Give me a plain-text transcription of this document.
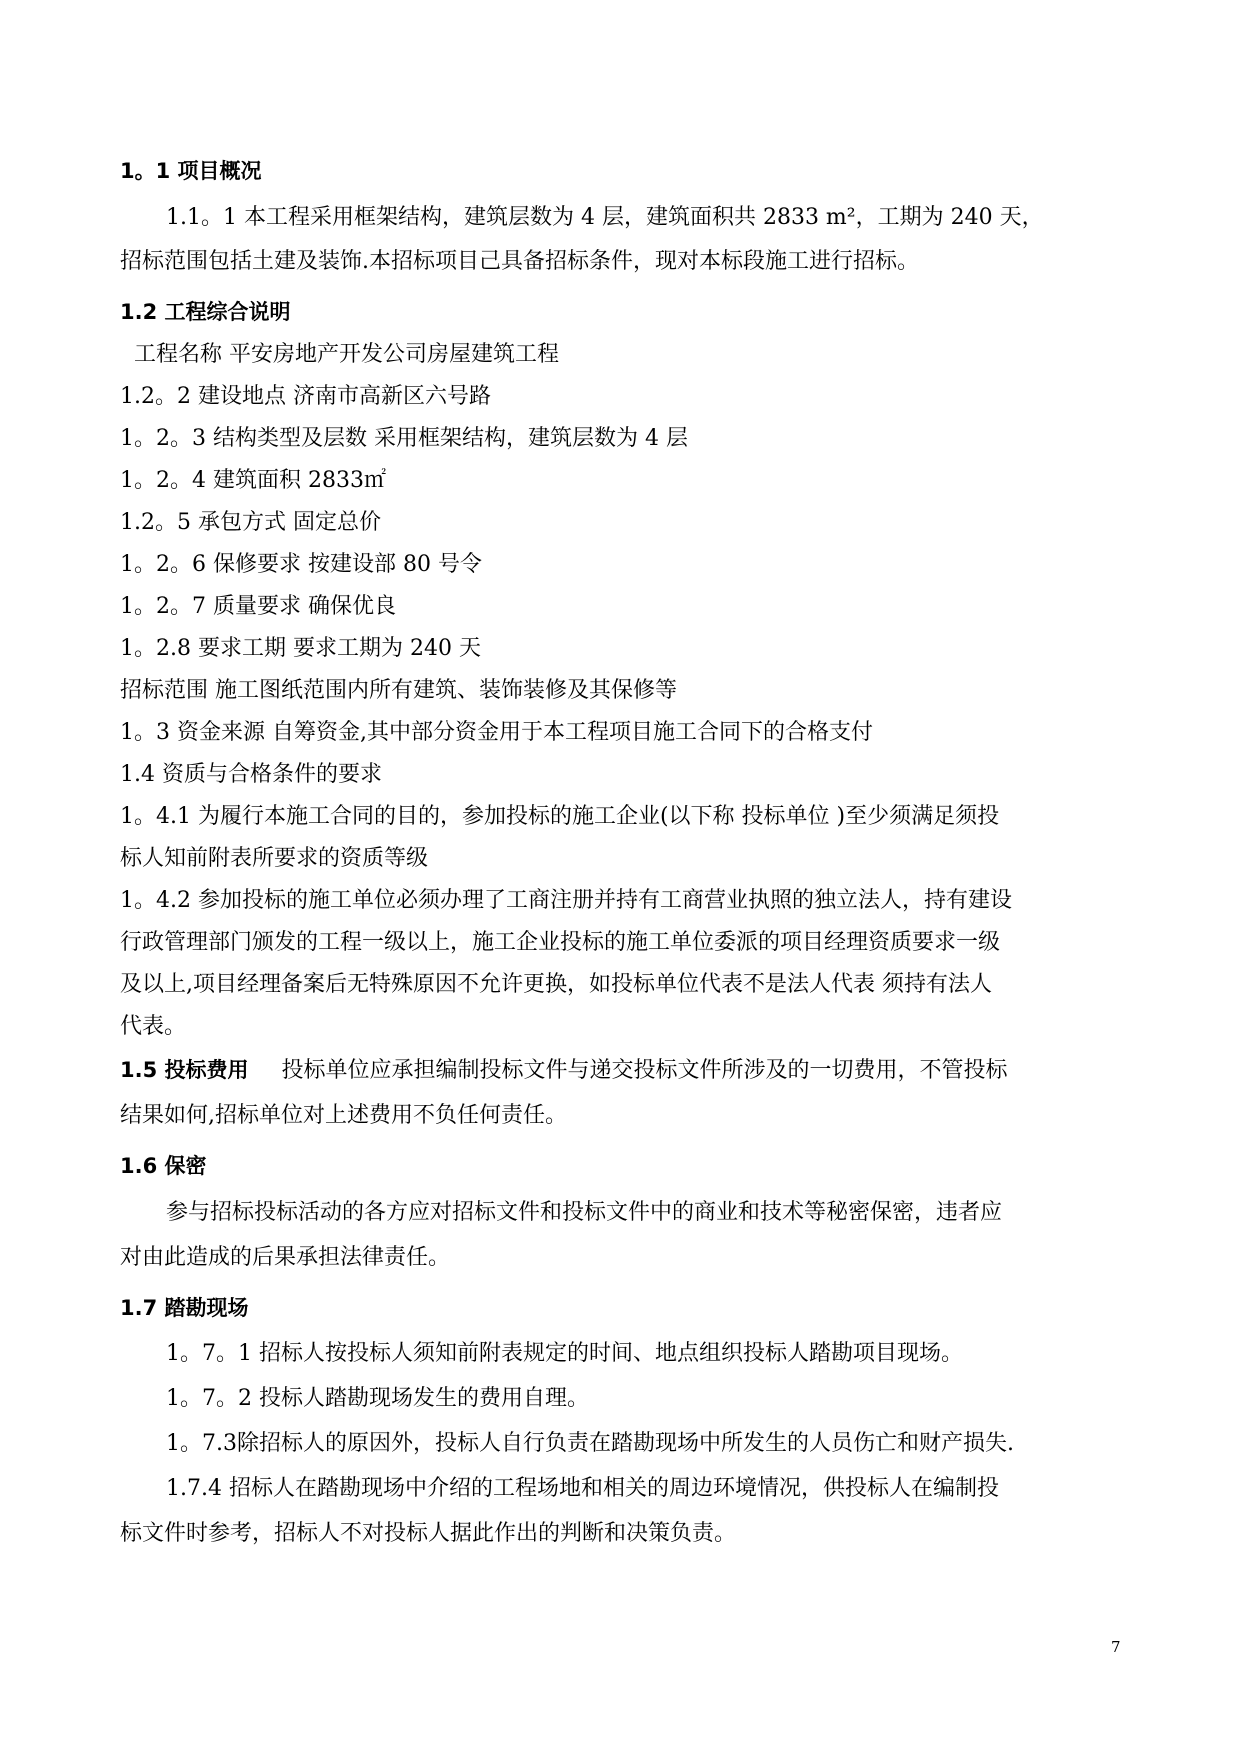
1。1 项目概况
1.1。1 本工程采用框架结构，建筑层数为 4 层，建筑面积共 2833 m²，工期为 240 天，
招标范围包括土建及装饰.本招标项目己具备招标条件，现对本标段施工进行招标。
1.2 工程综合说明
工程名称 平安房地产开发公司房屋建筑工程
1.2。2 建设地点 济南市高新区六号路
1。2。3 结构类型及层数 采用框架结构，建筑层数为 4 层
1。2。4 建筑面积 2833㎡
1.2。5 承包方式 固定总价
1。2。6 保修要求 按建设部 80 号令
1。2。7 质量要求 确保优良
1。2.8 要求工期 要求工期为 240 天
招标范围 施工图纸范围内所有建筑、装饰装修及其保修等
1。3 资金来源 自筹资金,其中部分资金用于本工程项目施工合同下的合格支付
1.4 资质与合格条件的要求
1。4.1 为履行本施工合同的目的，参加投标的施工企业(以下称 投标单位 )至少须满足须投
标人知前附表所要求的资质等级
1。4.2 参加投标的施工单位必须办理了工商注册并持有工商营业执照的独立法人，持有建设
行政管理部门颁发的工程一级以上，施工企业投标的施工单位委派的项目经理资质要求一级
及以上,项目经理备案后无特殊原因不允许更换，如投标单位代表不是法人代表 须持有法人
代表。
1.5 投标费用 投标单位应承担编制投标文件与递交投标文件所涉及的一切费用，不管投标
结果如何,招标单位对上述费用不负任何责任。
1.6 保密
参与招标投标活动的各方应对招标文件和投标文件中的商业和技术等秘密保密，违者应
对由此造成的后果承担法律责任。
1.7 踏勘现场
1。7。1 招标人按投标人须知前附表规定的时间、地点组织投标人踏勘项目现场。
1。7。2 投标人踏勘现场发生的费用自理。
1。7.3除招标人的原因外，投标人自行负责在踏勘现场中所发生的人员伤亡和财产损失.
1.7.4 招标人在踏勘现场中介绍的工程场地和相关的周边环境情况，供投标人在编制投
标文件时参考，招标人不对投标人据此作出的判断和决策负责。
7
